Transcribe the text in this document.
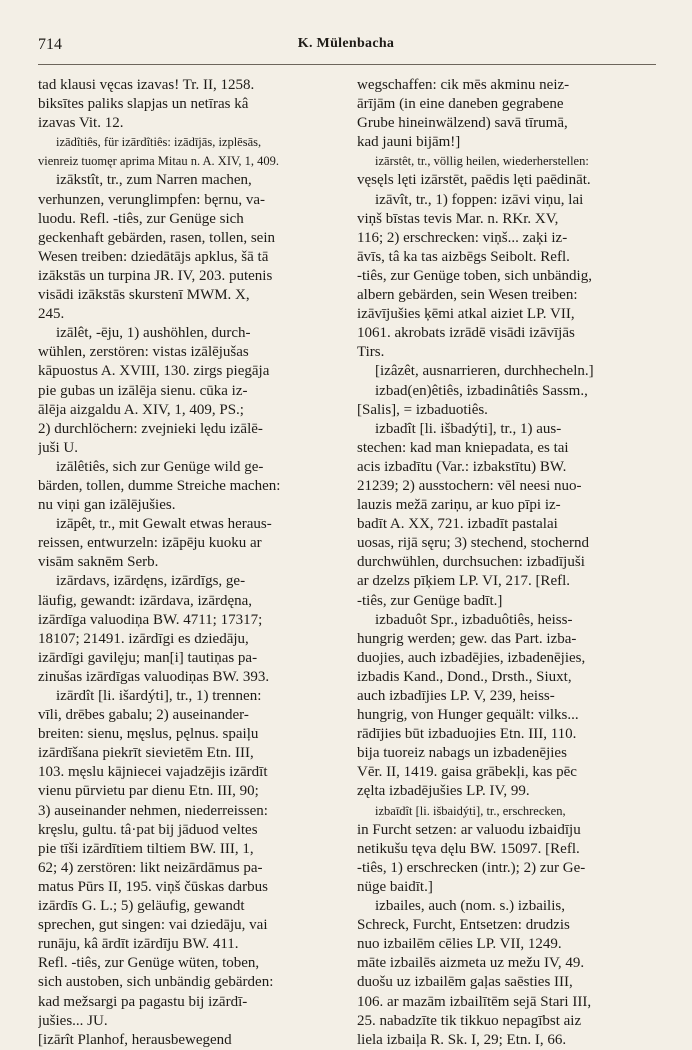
714	K. Mülenbacha
tad klausi vęcas izavas! Tr. II, 1258.
biksītes paliks slapjas un netīras kâ
izavas Vit. 12.
izādîtiês, für izārdîtiês: izādījās, izplēsās,
vienreiz tuomęr aprima Mitau n. A. XIV, 1, 409.
izākstît, tr., zum Narren machen,
verhunzen, verunglimpfen: bęrnu, va-
luodu. Refl. -tiês, zur Genüge sich
geckenhaft gebärden, rasen, tollen, sein
Wesen treiben: dziedātājs apklus, šā tā
izākstās un turpina JR. IV, 203. putenis
visādi izākstās skurstenī MWM. X,
245.
izālêt, -ēju, 1) aushöhlen, durch-
wühlen, zerstören: vistas izālējušas
kāpuostus A. XVIII, 130. zirgs piegāja
pie gubas un izālēja sienu. cūka iz-
ālēja aizgaldu A. XIV, 1, 409, PS.;
2) durchlöchern: zvejnieki lędu izālē-
juši U.
izālêtiês, sich zur Genüge wild ge-
bärden, tollen, dumme Streiche machen:
nu viņi gan izālējušies.
izāpêt, tr., mit Gewalt etwas heraus-
reissen, entwurzeln: izāpēju kuoku ar
visām saknēm Serb.
izārdavs, izārdęns, izārdīgs, ge-
läufig, gewandt: izārdava, izārdęna,
izārdīga valuodiņa BW. 4711; 17317;
18107; 21491. izārdīgi es dziedāju,
izārdīgi gavilęju; man[i] tautiņas pa-
zinušas izārdīgas valuodiņas BW. 393.
izārdît [li. išardýti], tr., 1) trennen:
vīli, drēbes gabalu; 2) auseinander-
breiten: sienu, męslus, pęlnus. spaiļu
izārdīšana piekrīt sievietēm Etn. III,
103. męslu kājniecei vajadzējis izārdīt
vienu pūrvietu par dienu Etn. III, 90;
3) auseinander nehmen, niederreissen:
kręslu, gultu. tâ·pat bij jāduod veltes
pie tīši izārdītiem tiltiem BW. III, 1,
62; 4) zerstören: likt neizārdāmus pa-
matus Pūrs II, 195. viņš čūskas darbus
izārdīs G. L.; 5) geläufig, gewandt
sprechen, gut singen: vai dziedāju, vai
runāju, kâ ārdīt izārdīju BW. 411.
Refl. -tiês, zur Genüge wüten, toben,
sich austoben, sich unbändig gebärden:
kad mežsargi pa pagastu bij izārdī-
jušies... JU.
[izārît Planhof, herausbewegend
wegschaffen: cik mēs akminu neiz-
ārījām (in eine daneben gegrabene
Grube hineinwälzend) savā tīrumā,
kad jauni bijām!]
izārstêt, tr., völlig heilen, wiederherstellen:
vęsęls lęti izārstēt, paēdis lęti paēdināt.
izāvît, tr., 1) foppen: izāvi viņu, lai
viņš bīstas tevis Mar. n. RKr. XV,
116; 2) erschrecken: viņš... zaķi iz-
āvīs, tâ ka tas aizbēgs Seibolt. Refl.
-tiês, zur Genüge toben, sich unbändig,
albern gebärden, sein Wesen treiben:
izāvījušies ķēmi atkal aiziet LP. VII,
1061. akrobats izrādē visādi izāvījās
Tirs.
[izâzêt, ausnarrieren, durchhecheln.]
izbad(en)êtiês, izbadinâtiês Sassm.,
[Salis], = izbaduotiês.
izbadît [li. išbadýti], tr., 1) aus-
stechen: kad man kniepadata, es tai
acis izbadītu (Var.: izbakstītu) BW.
21239; 2) ausstochern: vēl neesi nuo-
lauzis mežā zariņu, ar kuo pīpi iz-
badīt A. XX, 721. izbadīt pastalai
uosas, rijā sęru; 3) stechend, stochernd
durchwühlen, durchsuchen: izbadījuši
ar dzelzs pīķiem LP. VI, 217. [Refl.
-tiês, zur Genüge badīt.]
izbaduôt Spr., izbaduôtiês, heiss-
hungrig werden; gew. das Part. izba-
duojies, auch izbadējies, izbadenējies,
izbadis Kand., Dond., Drsth., Siuxt,
auch izbadījies LP. V, 239, heiss-
hungrig, von Hunger gequält: vilks...
rādījies būt izbaduojies Etn. III, 110.
bija tuoreiz nabags un izbadenējies
Vēr. II, 1419. gaisa grābekļi, kas pēc
zęlta izbadējušies LP. IV, 99.
izbaīdît [li. išbaidýti], tr., erschrecken,
in Furcht setzen: ar valuodu izbaidīju
netikušu tęva dęlu BW. 15097. [Refl.
-tiês, 1) erschrecken (intr.); 2) zur Ge-
nüge baidīt.]
izbailes, auch (nom. s.) izbailis,
Schreck, Furcht, Entsetzen: drudzis
nuo izbailēm cēlies LP. VII, 1249.
māte izbailēs aizmeta uz mežu IV, 49.
duošu uz izbailēm gaļas saēsties III,
106. ar mazām izbailītēm sejā Stari III,
25. nabadzīte tik tikkuo nepagībst aiz
liela izbaiļa R. Sk. I, 29; Etn. I, 66.
